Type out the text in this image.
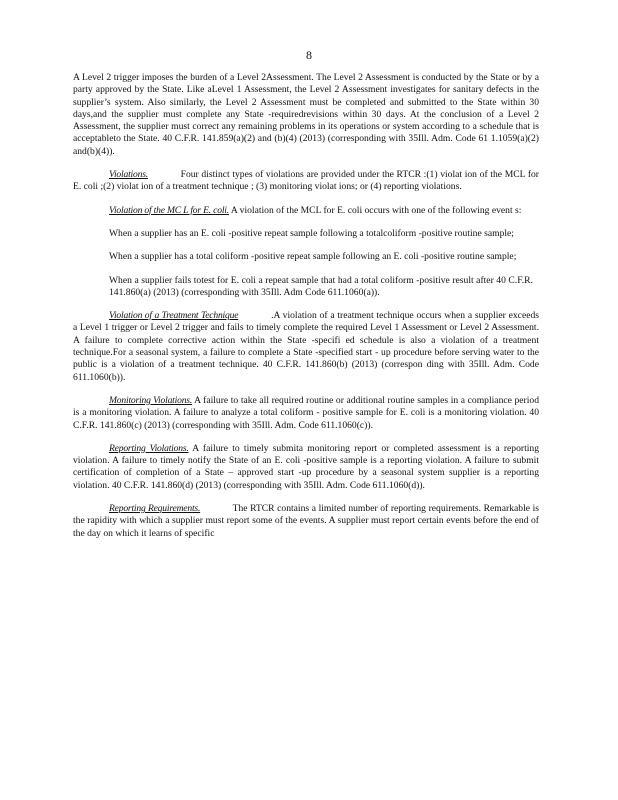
8

A Level 2 trigger imposes the burden of a Level 2Assessment. The Level 2 Assessment is conducted by the State or by a party approved by the State. Like aLevel 1 Assessment, the Level 2 Assessment investigates for sanitary defects in the supplier’s system. Also similarly, the Level 2 Assessment must be completed and submitted to the State within 30 days,and the supplier must complete any State -requiredrevisions within 30 days. At the conclusion of a Level 2 Assessment, the supplier must correct any remaining problems in its operations or system according to a schedule that is acceptableto the State. 40 C.F.R. 141.859(a)(2) and (b)(4) (2013) (corresponding with 35Ill. Adm. Code 61 1.1059(a)(2) and(b)(4)).

Violations.	Four distinct types of violations are provided under the RTCR :(1) violat ion of the MCL for E. coli ;(2) violat ion of a treatment technique ; (3) monitoring violat ions; or (4) reporting violations.

Violation of the MC L for E. coli. A violation of the MCL for E. coli occurs with one of the following event s:

When a supplier has an E. coli -positive repeat sample following a totalcoliform -positive routine sample;

When a supplier has a total coliform -positive repeat sample following an E. coli -positive routine sample;

When a supplier fails totest for E. coli a repeat sample that had a total coliform -positive result after 40 C.F.R. 141.860(a) (2013) (corresponding with 35Ill. Adm Code 611.1060(a)).

Violation of a Treatment Technique	.A violation of a treatment technique occurs when a supplier exceeds a Level 1 trigger or Level 2 trigger and fails to timely complete the required Level 1 Assessment or Level 2 Assessment. A failure to complete corrective action within the State -specifi ed schedule is also a violation of a treatment technique.For a seasonal system, a failure to complete a State -specified start - up procedure before serving water to the public is a violation of a treatment technique. 40 C.F.R. 141.860(b) (2013) (correspon ding with 35Ill. Adm. Code 611.1060(b)).

Monitoring Violations. A failure to take all required routine or additional routine samples in a compliance period is a monitoring violation. A failure to analyze a total coliform - positive sample for E. coli is a monitoring violation. 40 C.F.R. 141.860(c) (2013) (corresponding with 35Ill. Adm. Code 611.1060(c)).

Reporting Violations. A failure to timely submita monitoring report or completed assessment is a reporting violation. A failure to timely notify the State of an E. coli -positive sample is a reporting violation. A failure to submit certification of completion of a State – approved start -up procedure by a seasonal system supplier is a reporting violation. 40 C.F.R. 141.860(d) (2013) (corresponding with 35Ill. Adm. Code 611.1060(d)).

Reporting Requirements.	The RTCR contains a limited number of reporting requirements. Remarkable is the rapidity with which a supplier must report some of the events. A supplier must report certain events before the end of the day on which it learns of specific
